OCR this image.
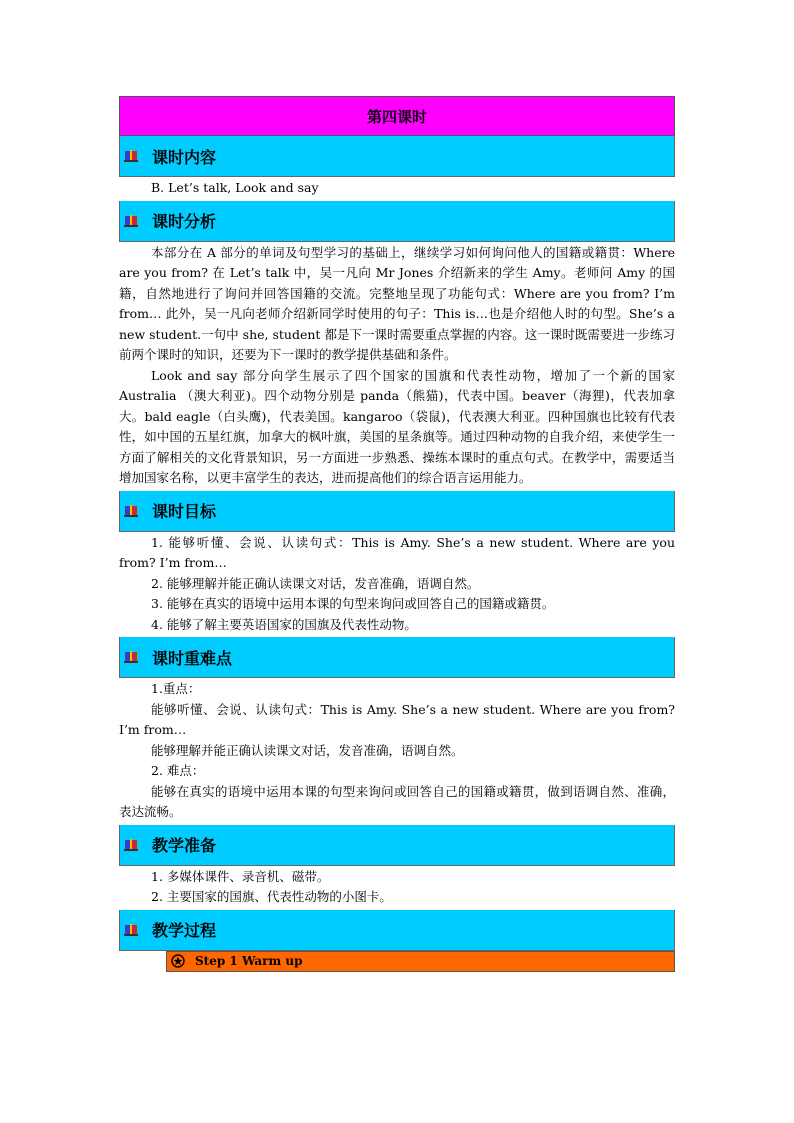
第四课时
课时内容

B. Let’s talk, Look and say

课时分析

本部分在 A 部分的单词及句型学习的基础上，继续学习如何询问他人的国籍或籍贯：Where are you from? 在 Let’s talk 中，吴一凡向 Mr Jones 介绍新来的学生 Amy。老师问 Amy 的国籍，自然地进行了询问并回答国籍的交流。完整地呈现了功能句式：Where are you from? I’m from… 此外，吴一凡向老师介绍新同学时使用的句子：This is…也是介绍他人时的句型。She’s a new student.一句中 she, student 都是下一课时需要重点掌握的内容。这一课时既需要进一步练习前两个课时的知识，还要为下一课时的教学提供基础和条件。

Look and say 部分向学生展示了四个国家的国旗和代表性动物，增加了一个新的国家 Australia （澳大利亚)。四个动物分别是 panda（熊猫)，代表中国。beaver（海狸)，代表加拿大。bald eagle（白头鹰)，代表美国。kangaroo（袋鼠)，代表澳大利亚。四种国旗也比较有代表性，如中国的五星红旗，加拿大的枫叶旗，美国的星条旗等。通过四种动物的自我介绍，来使学生一方面了解相关的文化背景知识，另一方面进一步熟悉、操练本课时的重点句式。在教学中，需要适当增加国家名称，以更丰富学生的表达，进而提高他们的综合语言运用能力。

课时目标

1. 能够听懂、会说、认读句式：This is Amy. She’s a new student. Where are you from? I’m from…

2. 能够理解并能正确认读课文对话，发音准确，语调自然。

3. 能够在真实的语境中运用本课的句型来询问或回答自己的国籍或籍贯。

4. 能够了解主要英语国家的国旗及代表性动物。

课时重难点

1.重点：

能够听懂、会说、认读句式：This is Amy. She’s a new student. Where are you from? I’m from…

能够理解并能正确认读课文对话，发音准确，语调自然。

2. 难点：

能够在真实的语境中运用本课的句型来询问或回答自己的国籍或籍贯，做到语调自然、准确，表达流畅。

教学准备

1. 多媒体课件、录音机、磁带。

2. 主要国家的国旗、代表性动物的小图卡。

教学过程
Step 1 Warm up
